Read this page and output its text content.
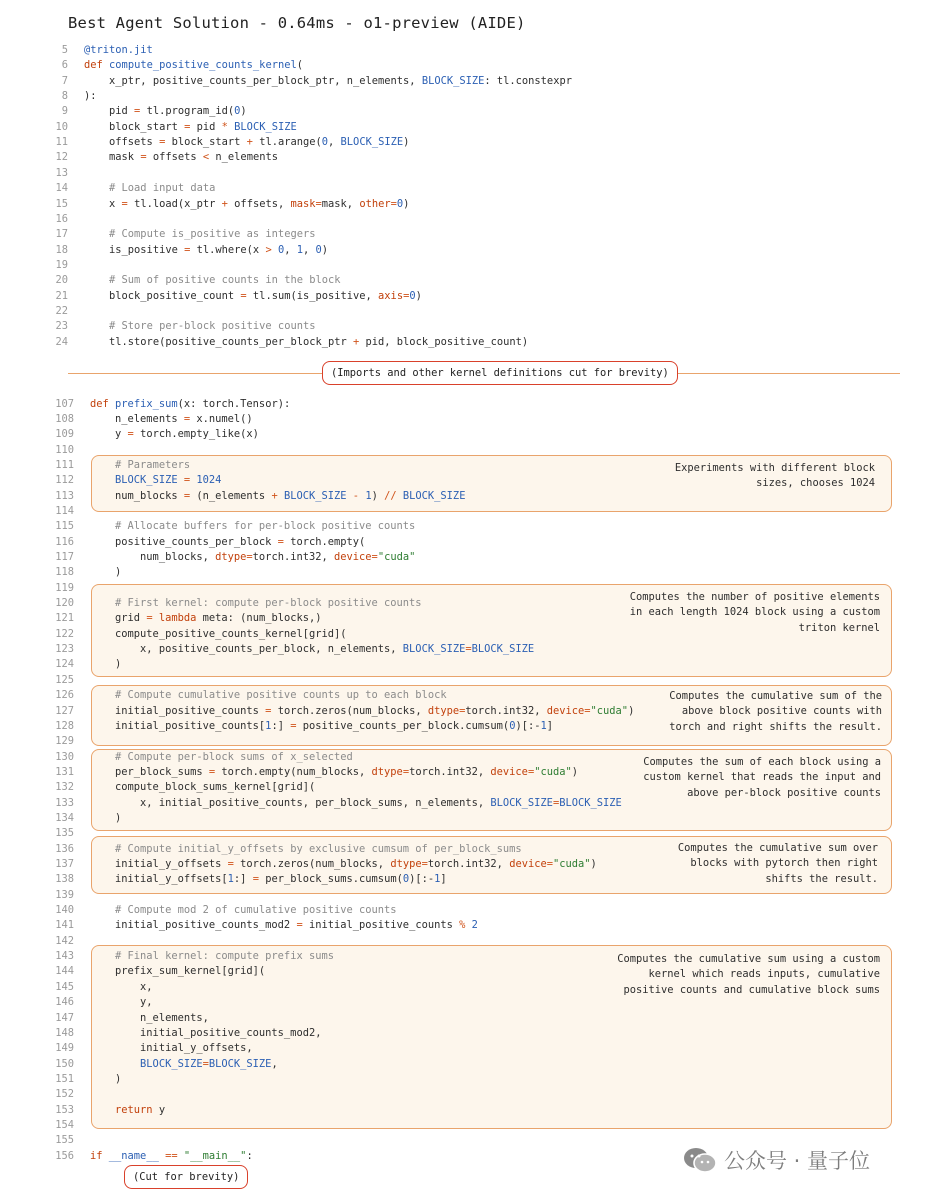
Best Agent Solution - 0.64ms - o1-preview (AIDE)
Experiments with different block
sizes, chooses 1024
Computes the number of positive elements
in each length 1024 block using a custom
triton kernel
Computes the cumulative sum of the
above block positive counts with
torch and right shifts the result.
Computes the sum of each block using a
custom kernel that reads the input and
above per-block positive counts
Computes the cumulative sum over
blocks with pytorch then right
shifts the result.
Computes the cumulative sum using a custom
kernel which reads inputs, cumulative
positive counts and cumulative block sums
(Imports and other kernel definitions cut for brevity)
5 @triton.jit
6 def compute_positive_counts_kernel(
7 x_ptr, positive_counts_per_block_ptr, n_elements, BLOCK_SIZE: tl.constexpr
8 ):
9 pid = tl.program_id(0)
10 block_start = pid * BLOCK_SIZE
11 offsets = block_start + tl.arange(0, BLOCK_SIZE)
12 mask = offsets < n_elements
13
14	# Load input data
15 x = tl.load(x_ptr + offsets, mask=mask, other=0)
16
17	# Compute is_positive as integers
18 is_positive = tl.where(x > 0, 1, 0)
19
20	# Sum of positive counts in the block
21 block_positive_count = tl.sum(is_positive, axis=0)
22
23	# Store per-block positive counts
24 tl.store(positive_counts_per_block_ptr + pid, block_positive_count)
107 def prefix_sum(x: torch.Tensor):
108 n_elements = x.numel()
109 y = torch.empty_like(x)
110
111	# Parameters
112	BLOCK_SIZE = 1024
113 num_blocks = (n_elements + BLOCK_SIZE - 1) // BLOCK_SIZE
114
115	# Allocate buffers for per-block positive counts
116 positive_counts_per_block = torch.empty(
117 num_blocks, dtype=torch.int32, device="cuda"
118 )
119
120	# First kernel: compute per-block positive counts
121 grid = lambda meta: (num_blocks,)
122 compute_positive_counts_kernel[grid](
123 x, positive_counts_per_block, n_elements, BLOCK_SIZE=BLOCK_SIZE
124 )
125
126	# Compute cumulative positive counts up to each block
127 initial_positive_counts = torch.zeros(num_blocks, dtype=torch.int32, device="cuda")
128 initial_positive_counts[1:] = positive_counts_per_block.cumsum(0)[:-1]
129
130	# Compute per-block sums of x_selected
131 per_block_sums = torch.empty(num_blocks, dtype=torch.int32, device="cuda")
132 compute_block_sums_kernel[grid](
133 x, initial_positive_counts, per_block_sums, n_elements, BLOCK_SIZE=BLOCK_SIZE
134 )
135
136	# Compute initial_y_offsets by exclusive cumsum of per_block_sums
137 initial_y_offsets = torch.zeros(num_blocks, dtype=torch.int32, device="cuda")
138 initial_y_offsets[1:] = per_block_sums.cumsum(0)[:-1]
139
140	# Compute mod 2 of cumulative positive counts
141 initial_positive_counts_mod2 = initial_positive_counts % 2
142
143	# Final kernel: compute prefix sums
144 prefix_sum_kernel[grid](
145 x,
146 y,
147 n_elements,
148 initial_positive_counts_mod2,
149 initial_y_offsets,
150	BLOCK_SIZE=BLOCK_SIZE,
151 )
152
153	return y
154
155
156 if __name__ == "__main__":
(Cut for brevity)
公众号 · 量子位
